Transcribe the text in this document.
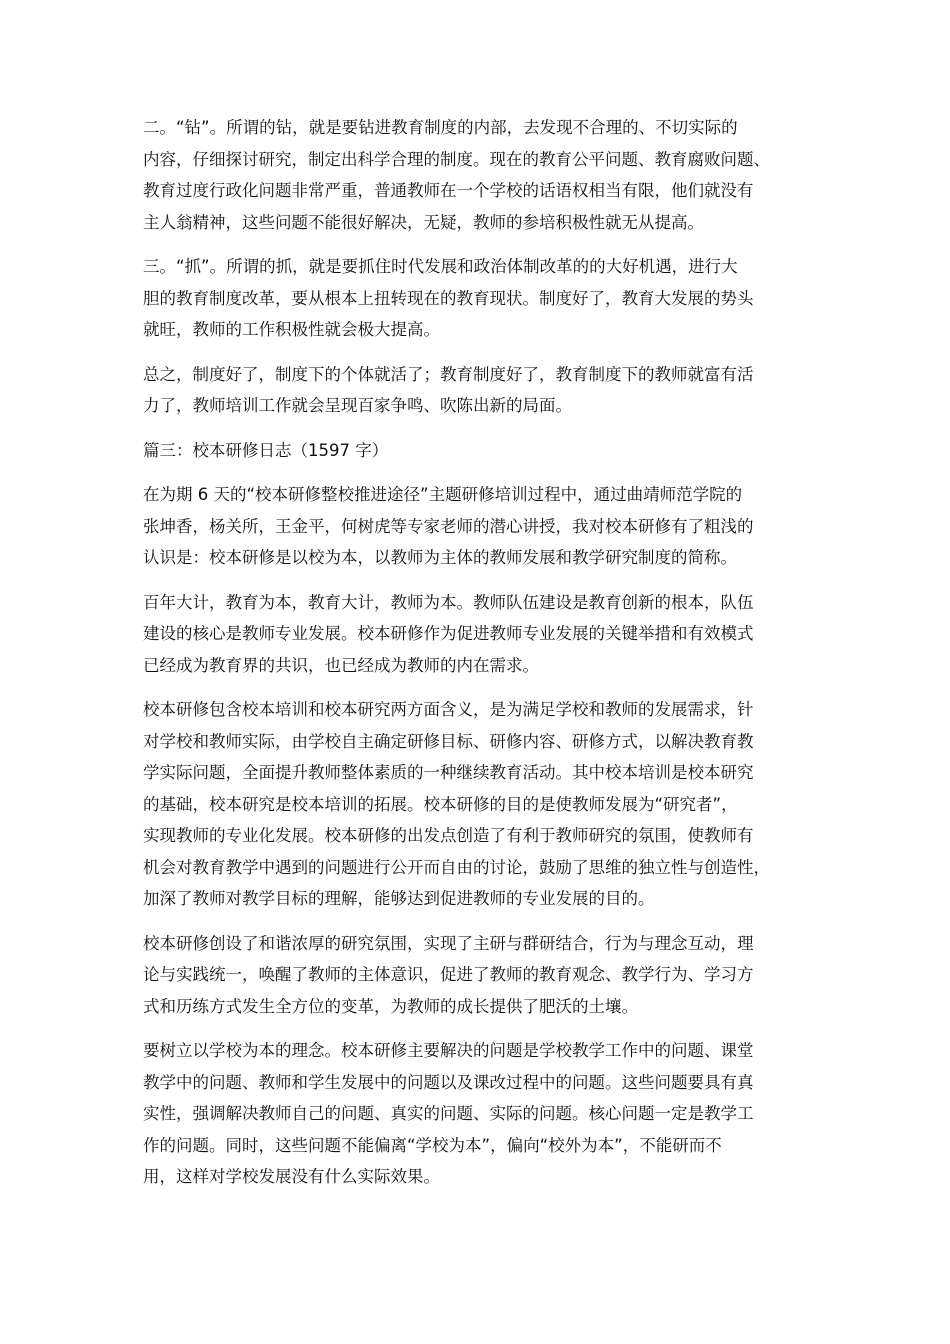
二。“钻”。所谓的钻，就是要钻进教育制度的内部，去发现不合理的、不切实际的
内容，仔细探讨研究，制定出科学合理的制度。现在的教育公平问题、教育腐败问题、
教育过度行政化问题非常严重，普通教师在一个学校的话语权相当有限，他们就没有
主人翁精神，这些问题不能很好解决，无疑，教师的参培积极性就无从提高。
三。“抓”。所谓的抓，就是要抓住时代发展和政治体制改革的的大好机遇，进行大
胆的教育制度改革，要从根本上扭转现在的教育现状。制度好了，教育大发展的势头
就旺，教师的工作积极性就会极大提高。
总之，制度好了，制度下的个体就活了；教育制度好了，教育制度下的教师就富有活
力了，教师培训工作就会呈现百家争鸣、吹陈出新的局面。
篇三：校本研修日志（1597 字）
在为期 6 天的“校本研修整校推进途径”主题研修培训过程中，通过曲靖师范学院的
张坤香，杨关所，王金平，何树虎等专家老师的潜心讲授，我对校本研修有了粗浅的
认识是：校本研修是以校为本，以教师为主体的教师发展和教学研究制度的简称。
百年大计，教育为本，教育大计，教师为本。教师队伍建设是教育创新的根本，队伍
建设的核心是教师专业发展。校本研修作为促进教师专业发展的关键举措和有效模式
已经成为教育界的共识，也已经成为教师的内在需求。
校本研修包含校本培训和校本研究两方面含义，是为满足学校和教师的发展需求，针
对学校和教师实际，由学校自主确定研修目标、研修内容、研修方式，以解决教育教
学实际问题，全面提升教师整体素质的一种继续教育活动。其中校本培训是校本研究
的基础，校本研究是校本培训的拓展。校本研修的目的是使教师发展为“研究者”，
实现教师的专业化发展。校本研修的出发点创造了有利于教师研究的氛围，使教师有
机会对教育教学中遇到的问题进行公开而自由的讨论，鼓励了思维的独立性与创造性，
加深了教师对教学目标的理解，能够达到促进教师的专业发展的目的。
校本研修创设了和谐浓厚的研究氛围，实现了主研与群研结合，行为与理念互动，理
论与实践统一，唤醒了教师的主体意识，促进了教师的教育观念、教学行为、学习方
式和历练方式发生全方位的变革，为教师的成长提供了肥沃的土壤。
要树立以学校为本的理念。校本研修主要解决的问题是学校教学工作中的问题、课堂
教学中的问题、教师和学生发展中的问题以及课改过程中的问题。这些问题要具有真
实性，强调解决教师自己的问题、真实的问题、实际的问题。核心问题一定是教学工
作的问题。同时，这些问题不能偏离“学校为本”，偏向“校外为本”，不能研而不
用，这样对学校发展没有什么实际效果。
